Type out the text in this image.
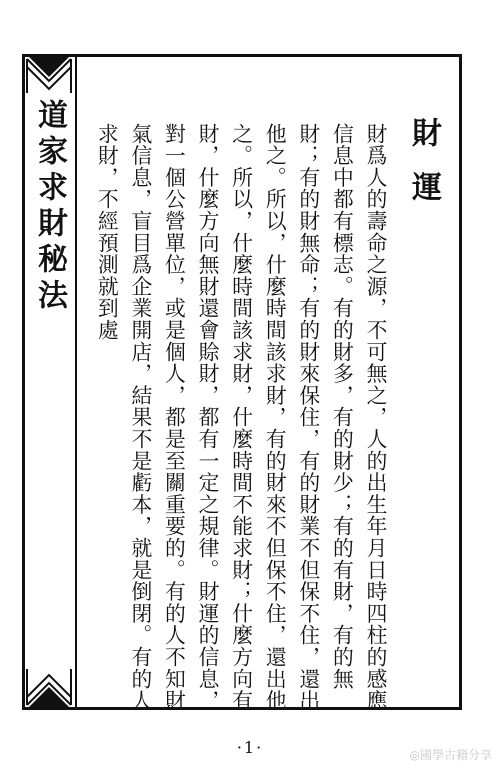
道家求財秘法	財運

財爲人的壽命之源，不可無之，人的出生年月日時四柱的感應信息中都有標志。有的財多，有的財少；有的有財，有的無財；有的財無命；有的財來保住，有的財業不但保不住，還出他之。所以，什麼時間該求財，有的財來不但保不住，還出他之。所以，什麼時間該求財，什麼時間不能求財；什麼方向有財，什麼方向無財還會賒財，都有一定之規律。財運的信息，對一個公營單位，或是個人，都是至關重要的。有的人不知財氣信息，盲目爲企業開店，結果不是虧本，就是倒閉。有的人求財，不經預測就到處

·1·	◎國學古籍分享
